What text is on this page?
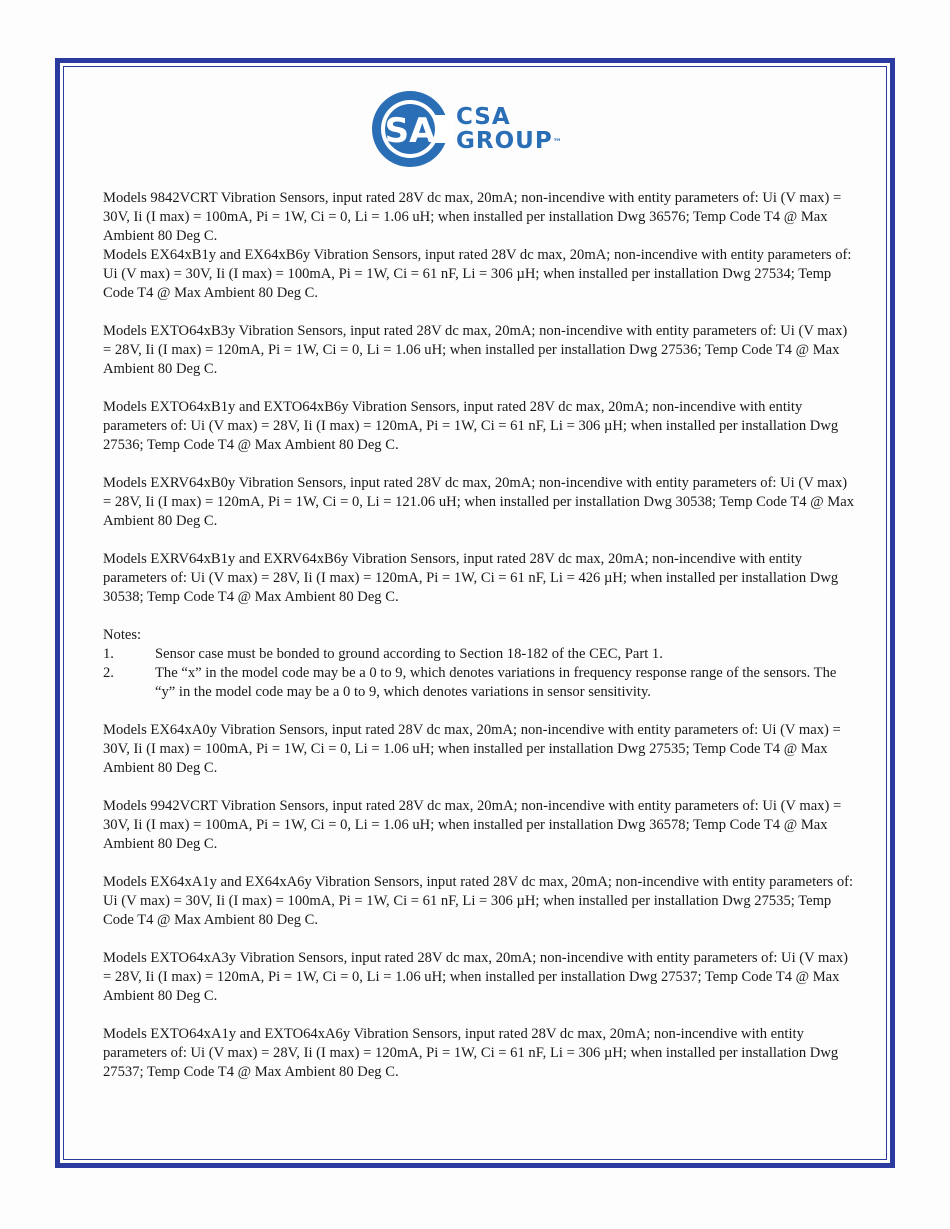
SA CSA
GROUP™

Models 9842VCRT Vibration Sensors, input rated 28V dc max, 20mA; non-incendive with entity parameters of: Ui (V max) = 30V, Ii (I max) = 100mA, Pi = 1W, Ci = 0, Li = 1.06 uH; when installed per installation Dwg 36576; Temp Code T4 @ Max Ambient 80 Deg C.

Models EX64xB1y and EX64xB6y Vibration Sensors, input rated 28V dc max, 20mA; non-incendive with entity parameters of: Ui (V max) = 30V, Ii (I max) = 100mA, Pi = 1W, Ci = 61 nF, Li = 306 µH; when installed per installation Dwg 27534; Temp Code T4 @ Max Ambient 80 Deg C.

Models EXTO64xB3y Vibration Sensors, input rated 28V dc max, 20mA; non-incendive with entity parameters of: Ui (V max) = 28V, Ii (I max) = 120mA, Pi = 1W, Ci = 0, Li = 1.06 uH; when installed per installation Dwg 27536; Temp Code T4 @ Max Ambient 80 Deg C.

Models EXTO64xB1y and EXTO64xB6y Vibration Sensors, input rated 28V dc max, 20mA; non-incendive with entity parameters of: Ui (V max) = 28V, Ii (I max) = 120mA, Pi = 1W, Ci = 61 nF, Li = 306 µH; when installed per installation Dwg 27536; Temp Code T4 @ Max Ambient 80 Deg C.

Models EXRV64xB0y Vibration Sensors, input rated 28V dc max, 20mA; non-incendive with entity parameters of: Ui (V max) = 28V, Ii (I max) = 120mA, Pi = 1W, Ci = 0, Li = 121.06 uH; when installed per installation Dwg 30538; Temp Code T4 @ Max Ambient 80 Deg C.

Models EXRV64xB1y and EXRV64xB6y Vibration Sensors, input rated 28V dc max, 20mA; non-incendive with entity parameters of: Ui (V max) = 28V, Ii (I max) = 120mA, Pi = 1W, Ci = 61 nF, Li = 426 µH; when installed per installation Dwg 30538; Temp Code T4 @ Max Ambient 80 Deg C.

Notes:

1.	Sensor case must be bonded to ground according to Section 18-182 of the CEC, Part 1.
2.	The “x” in the model code may be a 0 to 9, which denotes variations in frequency response range of the sensors. The “y” in the model code may be a 0 to 9, which denotes variations in sensor sensitivity.

Models EX64xA0y Vibration Sensors, input rated 28V dc max, 20mA; non-incendive with entity parameters of: Ui (V max) = 30V, Ii (I max) = 100mA, Pi = 1W, Ci = 0, Li = 1.06 uH; when installed per installation Dwg 27535; Temp Code T4 @ Max Ambient 80 Deg C.

Models 9942VCRT Vibration Sensors, input rated 28V dc max, 20mA; non-incendive with entity parameters of: Ui (V max) = 30V, Ii (I max) = 100mA, Pi = 1W, Ci = 0, Li = 1.06 uH; when installed per installation Dwg 36578; Temp Code T4 @ Max Ambient 80 Deg C.

Models EX64xA1y and EX64xA6y Vibration Sensors, input rated 28V dc max, 20mA; non-incendive with entity parameters of: Ui (V max) = 30V, Ii (I max) = 100mA, Pi = 1W, Ci = 61 nF, Li = 306 µH; when installed per installation Dwg 27535; Temp Code T4 @ Max Ambient 80 Deg C.

Models EXTO64xA3y Vibration Sensors, input rated 28V dc max, 20mA; non-incendive with entity parameters of: Ui (V max) = 28V, Ii (I max) = 120mA, Pi = 1W, Ci = 0, Li = 1.06 uH; when installed per installation Dwg 27537; Temp Code T4 @ Max Ambient 80 Deg C.

Models EXTO64xA1y and EXTO64xA6y Vibration Sensors, input rated 28V dc max, 20mA; non-incendive with entity parameters of: Ui (V max) = 28V, Ii (I max) = 120mA, Pi = 1W, Ci = 61 nF, Li = 306 µH; when installed per installation Dwg 27537; Temp Code T4 @ Max Ambient 80 Deg C.
